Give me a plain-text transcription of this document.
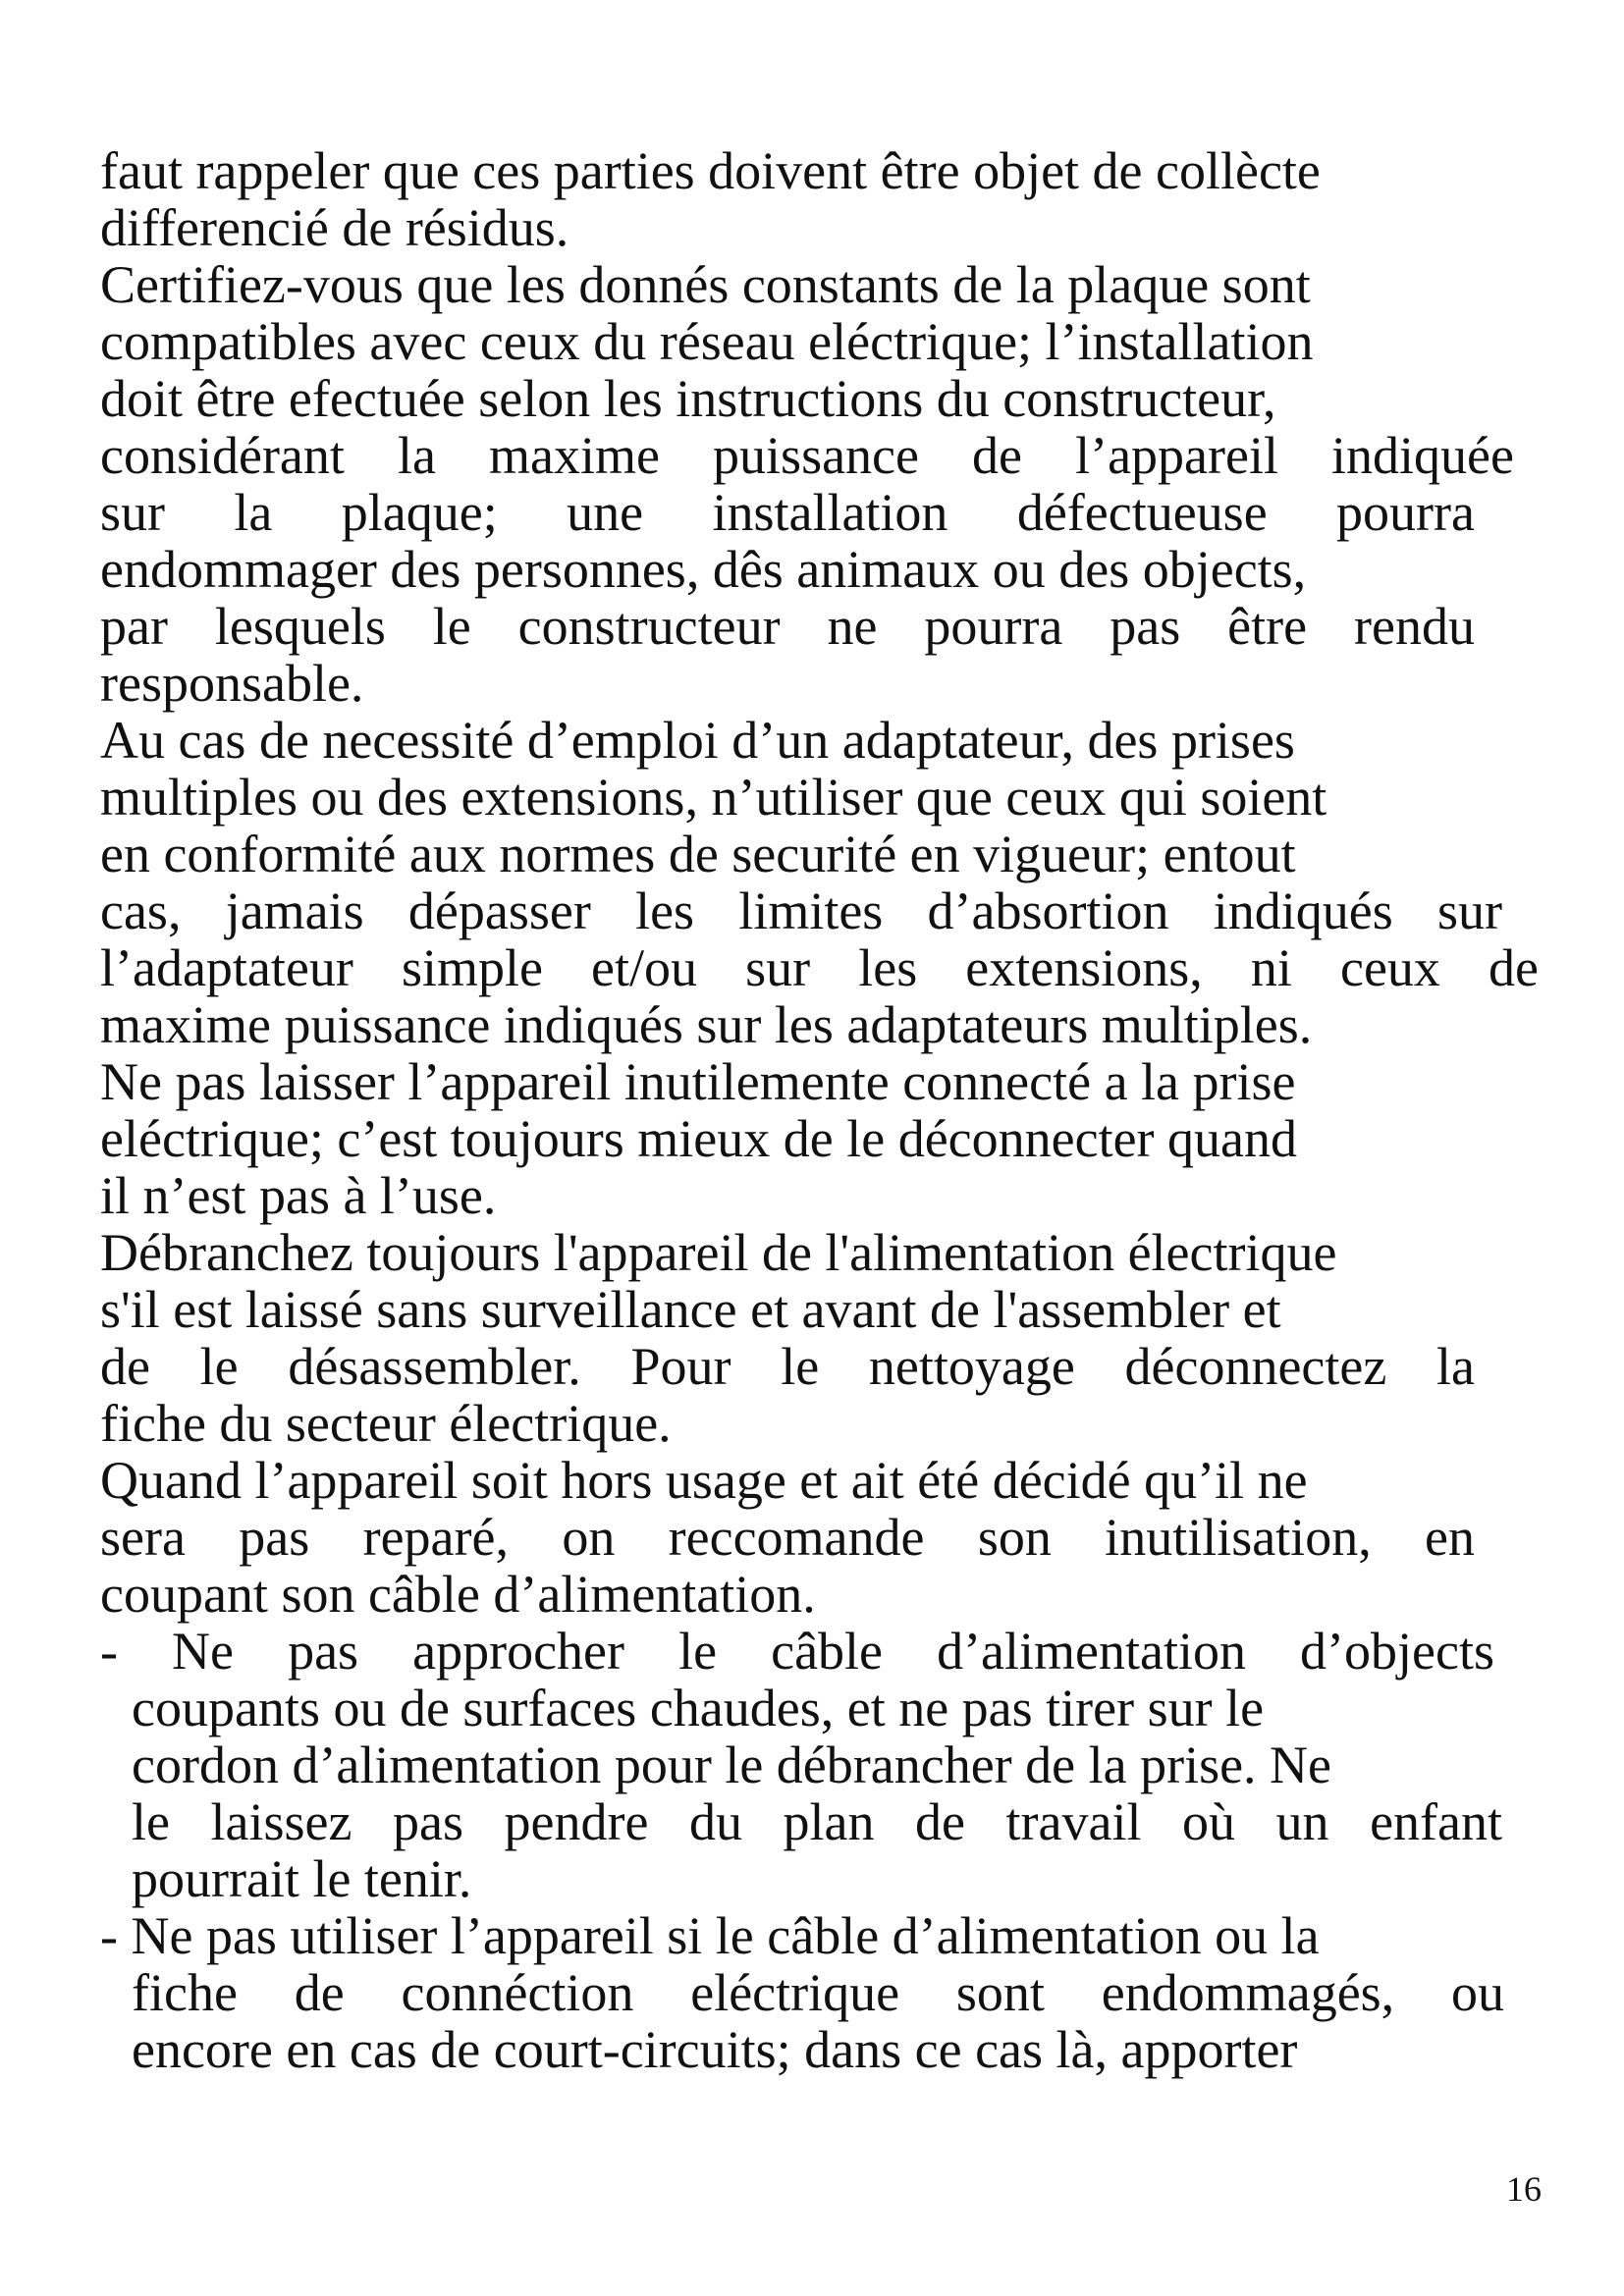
faut rappeler que ces parties doivent être objet de collècte
differencié de résidus.
Certifiez-vous que les donnés constants de la plaque sont
compatibles avec ceux du réseau eléctrique; l’installation
doit être efectuée selon les instructions du constructeur,
considérant la maxime puissance de l’appareil indiquée
sur la plaque; une installation défectueuse pourra
endommager des personnes, dês animaux ou des objects,
par lesquels le constructeur ne pourra pas être rendu
responsable.
Au cas de necessité d’emploi d’un adaptateur, des prises
multiples ou des extensions, n’utiliser que ceux qui soient
en conformité aux normes de securité en vigueur; entout
cas, jamais dépasser les limites d’absortion indiqués sur
l’adaptateur simple et/ou sur les extensions, ni ceux de
maxime puissance indiqués sur les adaptateurs multiples.
Ne pas laisser l’appareil inutilemente connecté a la prise
eléctrique; c’est toujours mieux de le déconnecter quand
il n’est pas à l’use.
Débranchez toujours l'appareil de l'alimentation électrique
s'il est laissé sans surveillance et avant de l'assembler et
de le désassembler. Pour le nettoyage déconnectez la
fiche du secteur électrique.
Quand l’appareil soit hors usage et ait été décidé qu’il ne
sera pas reparé, on reccomande son inutilisation, en
coupant son câble d’alimentation.
- Ne pas approcher le câble d’alimentation d’objects
coupants ou de surfaces chaudes, et ne pas tirer sur le
cordon d’alimentation pour le débrancher de la prise. Ne
le laissez pas pendre du plan de travail où un enfant
pourrait le tenir.
- Ne pas utiliser l’appareil si le câble d’alimentation ou la
fiche de connéction eléctrique sont endommagés, ou
encore en cas de court-circuits; dans ce cas là, apporter
16
